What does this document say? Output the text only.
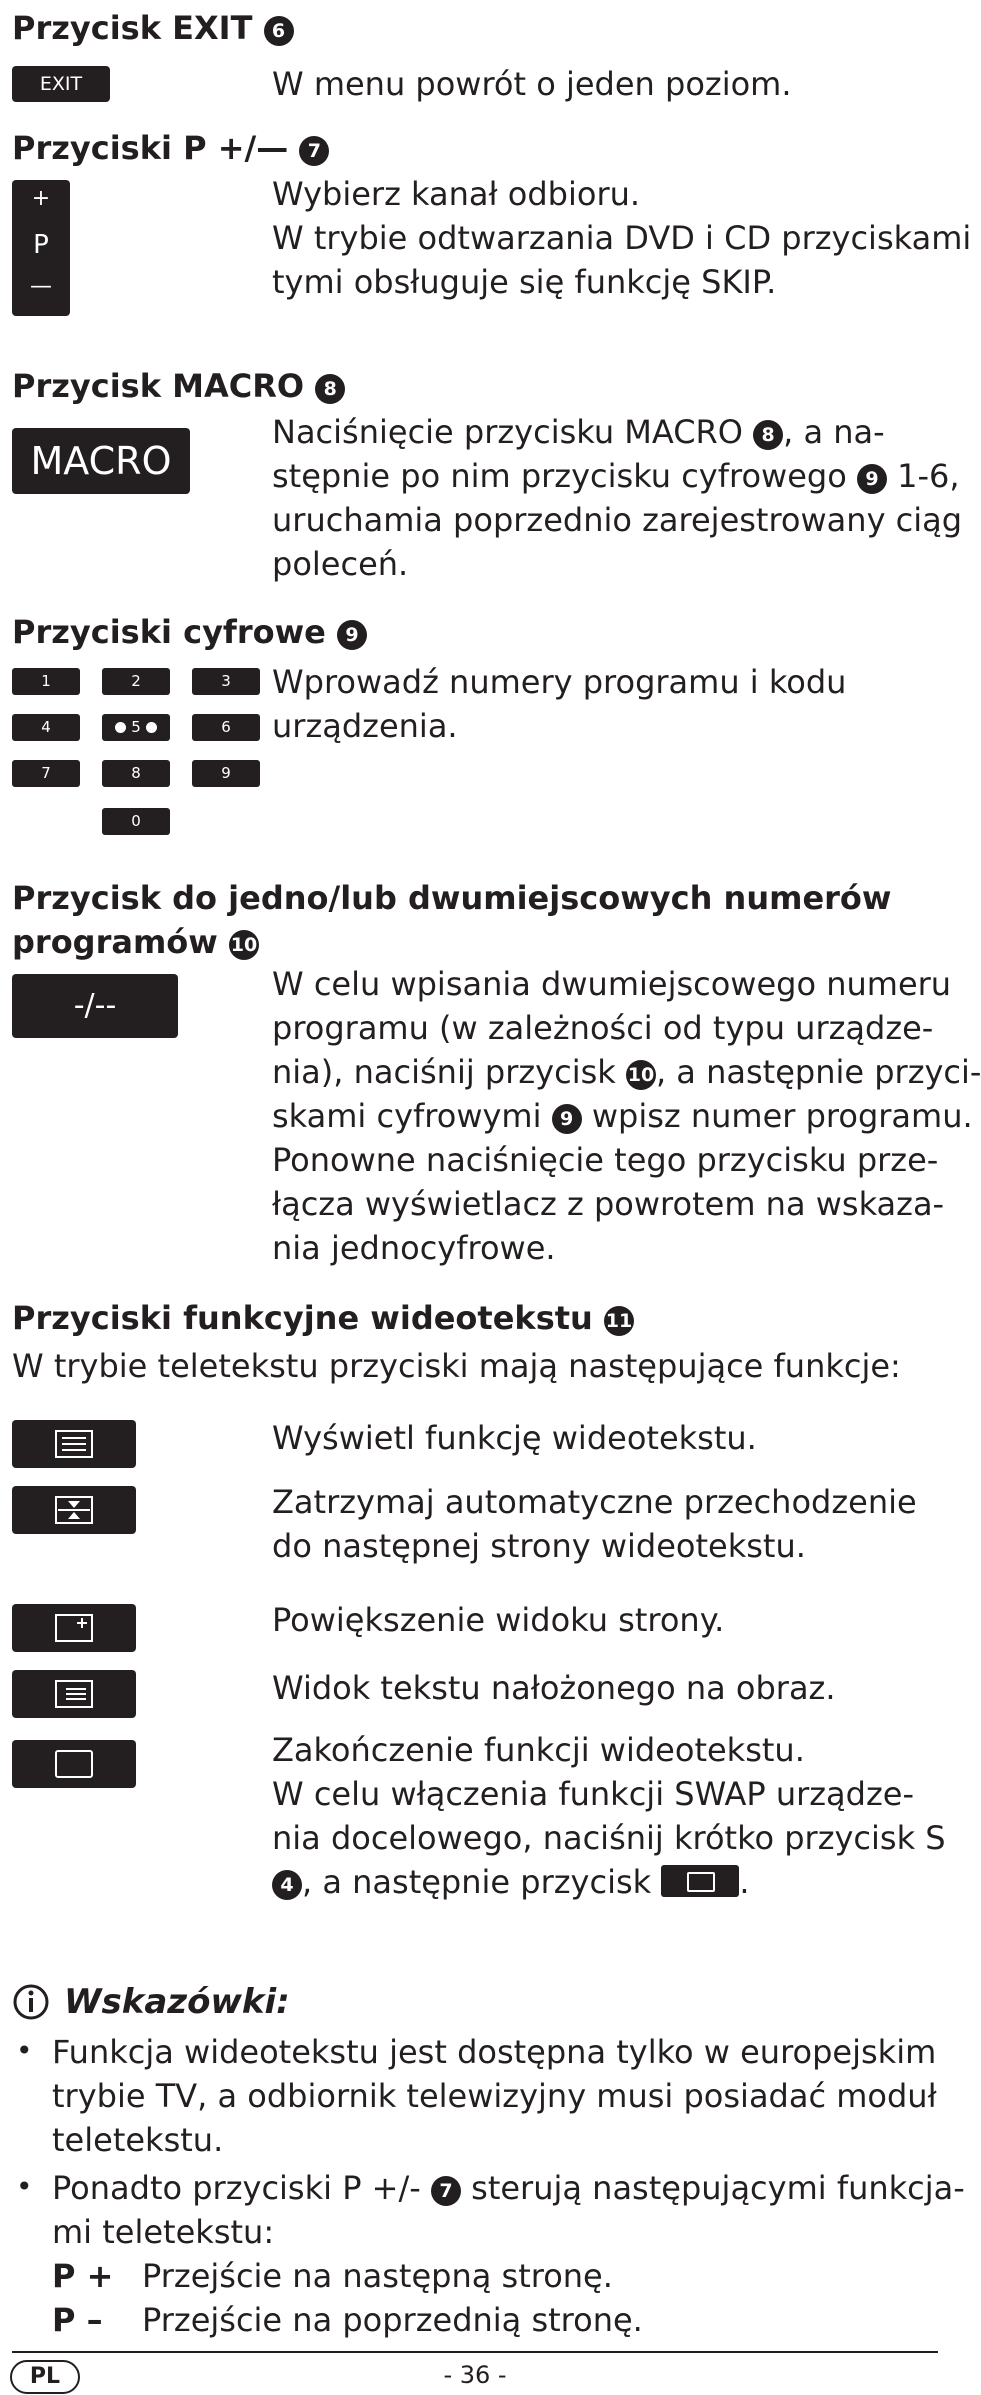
Przycisk EXIT 6
EXIT	W menu powrót o jeden poziom.
Przyciski P +/— 7
+
P
—
Wybierz kanał odbioru.
W trybie odtwarzania DVD i CD przyciskami
tymi obsługuje się funkcję SKIP.
Przycisk MACRO 8
MACRO
Naciśnięcie przycisku MACRO 8 , a na-
stępnie po nim przycisku cyfrowego 9 1-6,
uruchamia poprzednio zarejestrowany ciąg
poleceń.
Przyciski cyfrowe 9
1	2	3
4	5	6
7	8	9
0
Wprowadź numery programu i kodu
urządzenia.
Przycisk do jedno/lub dwumiejscowych numerów
programów 10
-/--
W celu wpisania dwumiejscowego numeru
programu (w zależności od typu urządze-
nia), naciśnij przycisk 10, a następnie przyci-
skami cyfrowymi 9 wpisz numer programu.
Ponowne naciśnięcie tego przycisku prze-
łącza wyświetlacz z powrotem na wskaza-
nia jednocyfrowe.
Przyciski funkcyjne wideotekstu 11
W trybie teletekstu przyciski mają następujące funkcje:
Wyświetl funkcję wideotekstu.
Zatrzymaj automatyczne przechodzenie
do następnej strony wideotekstu.
Powiększenie widoku strony.
Widok tekstu nałożonego na obraz.
Zakończenie funkcji wideotekstu.
W celu włączenia funkcji SWAP urządze-
nia docelowego, naciśnij krótko przycisk S
4 , a następnie przycisk	.
Wskazówki:
• Funkcja wideotekstu jest dostępna tylko w europejskim
trybie TV, a odbiornik telewizyjny musi posiadać moduł
teletekstu.
• Ponadto przyciski P +/- 7 sterują następującymi funkcja-
mi teletekstu:
P + Przejście na następną stronę.
P – Przejście na poprzednią stronę.
PL	- 36 -
